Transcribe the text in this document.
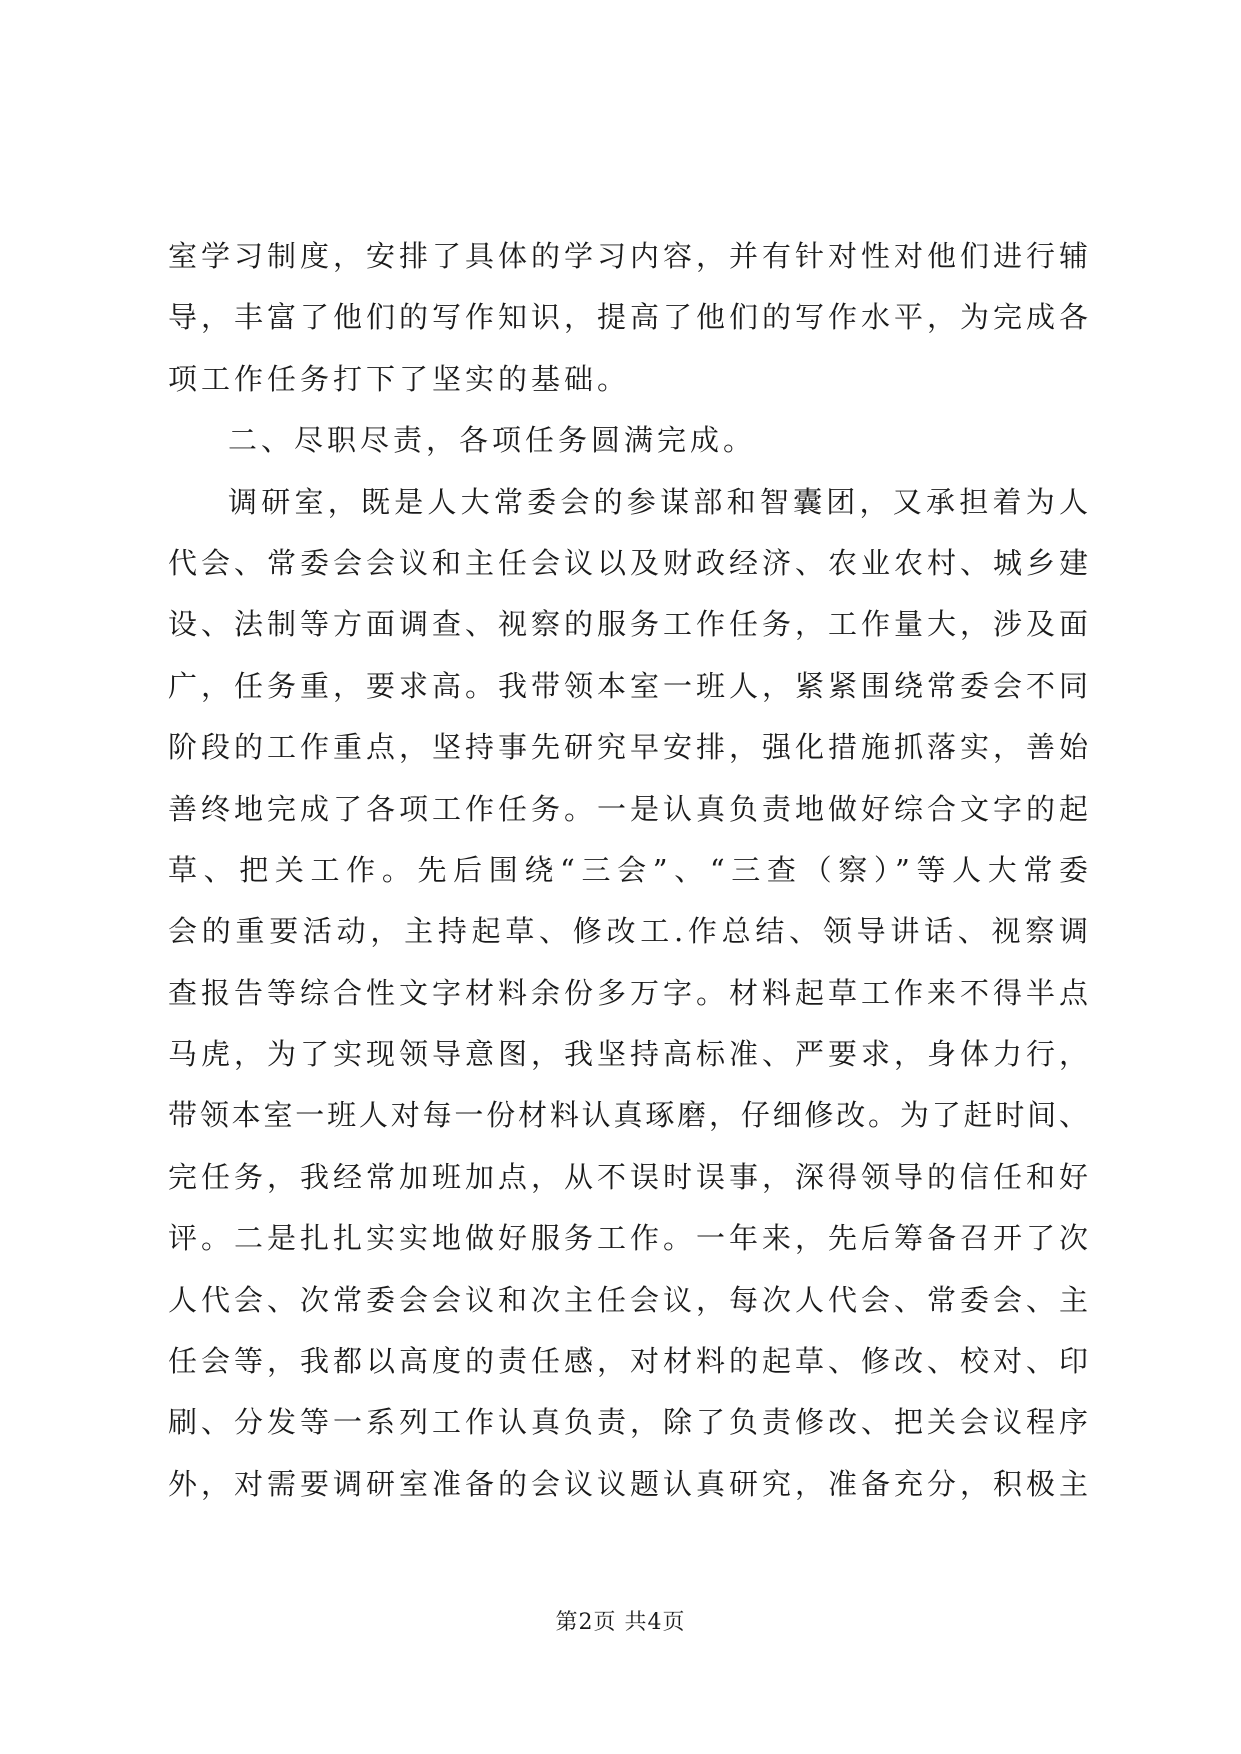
室学习制度，安排了具体的学习内容，并有针对性对他们进行辅
导，丰富了他们的写作知识，提高了他们的写作水平，为完成各
项工作任务打下了坚实的基础。
二、尽职尽责，各项任务圆满完成。
调研室，既是人大常委会的参谋部和智囊团，又承担着为人
代会、常委会会议和主任会议以及财政经济、农业农村、城乡建
设、法制等方面调查、视察的服务工作任务，工作量大，涉及面
广，任务重，要求高。我带领本室一班人，紧紧围绕常委会不同
阶段的工作重点，坚持事先研究早安排，强化措施抓落实，善始
善终地完成了各项工作任务。一是认真负责地做好综合文字的起
草、把关工作。先后围绕“三会”、“三查（察）”等人大常委
会的重要活动，主持起草、修改工.作总结、领导讲话、视察调
查报告等综合性文字材料余份多万字。材料起草工作来不得半点
马虎，为了实现领导意图，我坚持高标准、严要求，身体力行，
带领本室一班人对每一份材料认真琢磨，仔细修改。为了赶时间、
完任务，我经常加班加点，从不误时误事，深得领导的信任和好
评。二是扎扎实实地做好服务工作。一年来，先后筹备召开了次
人代会、次常委会会议和次主任会议，每次人代会、常委会、主
任会等，我都以高度的责任感，对材料的起草、修改、校对、印
刷、分发等一系列工作认真负责，除了负责修改、把关会议程序
外，对需要调研室准备的会议议题认真研究，准备充分，积极主
第2页 共4页
